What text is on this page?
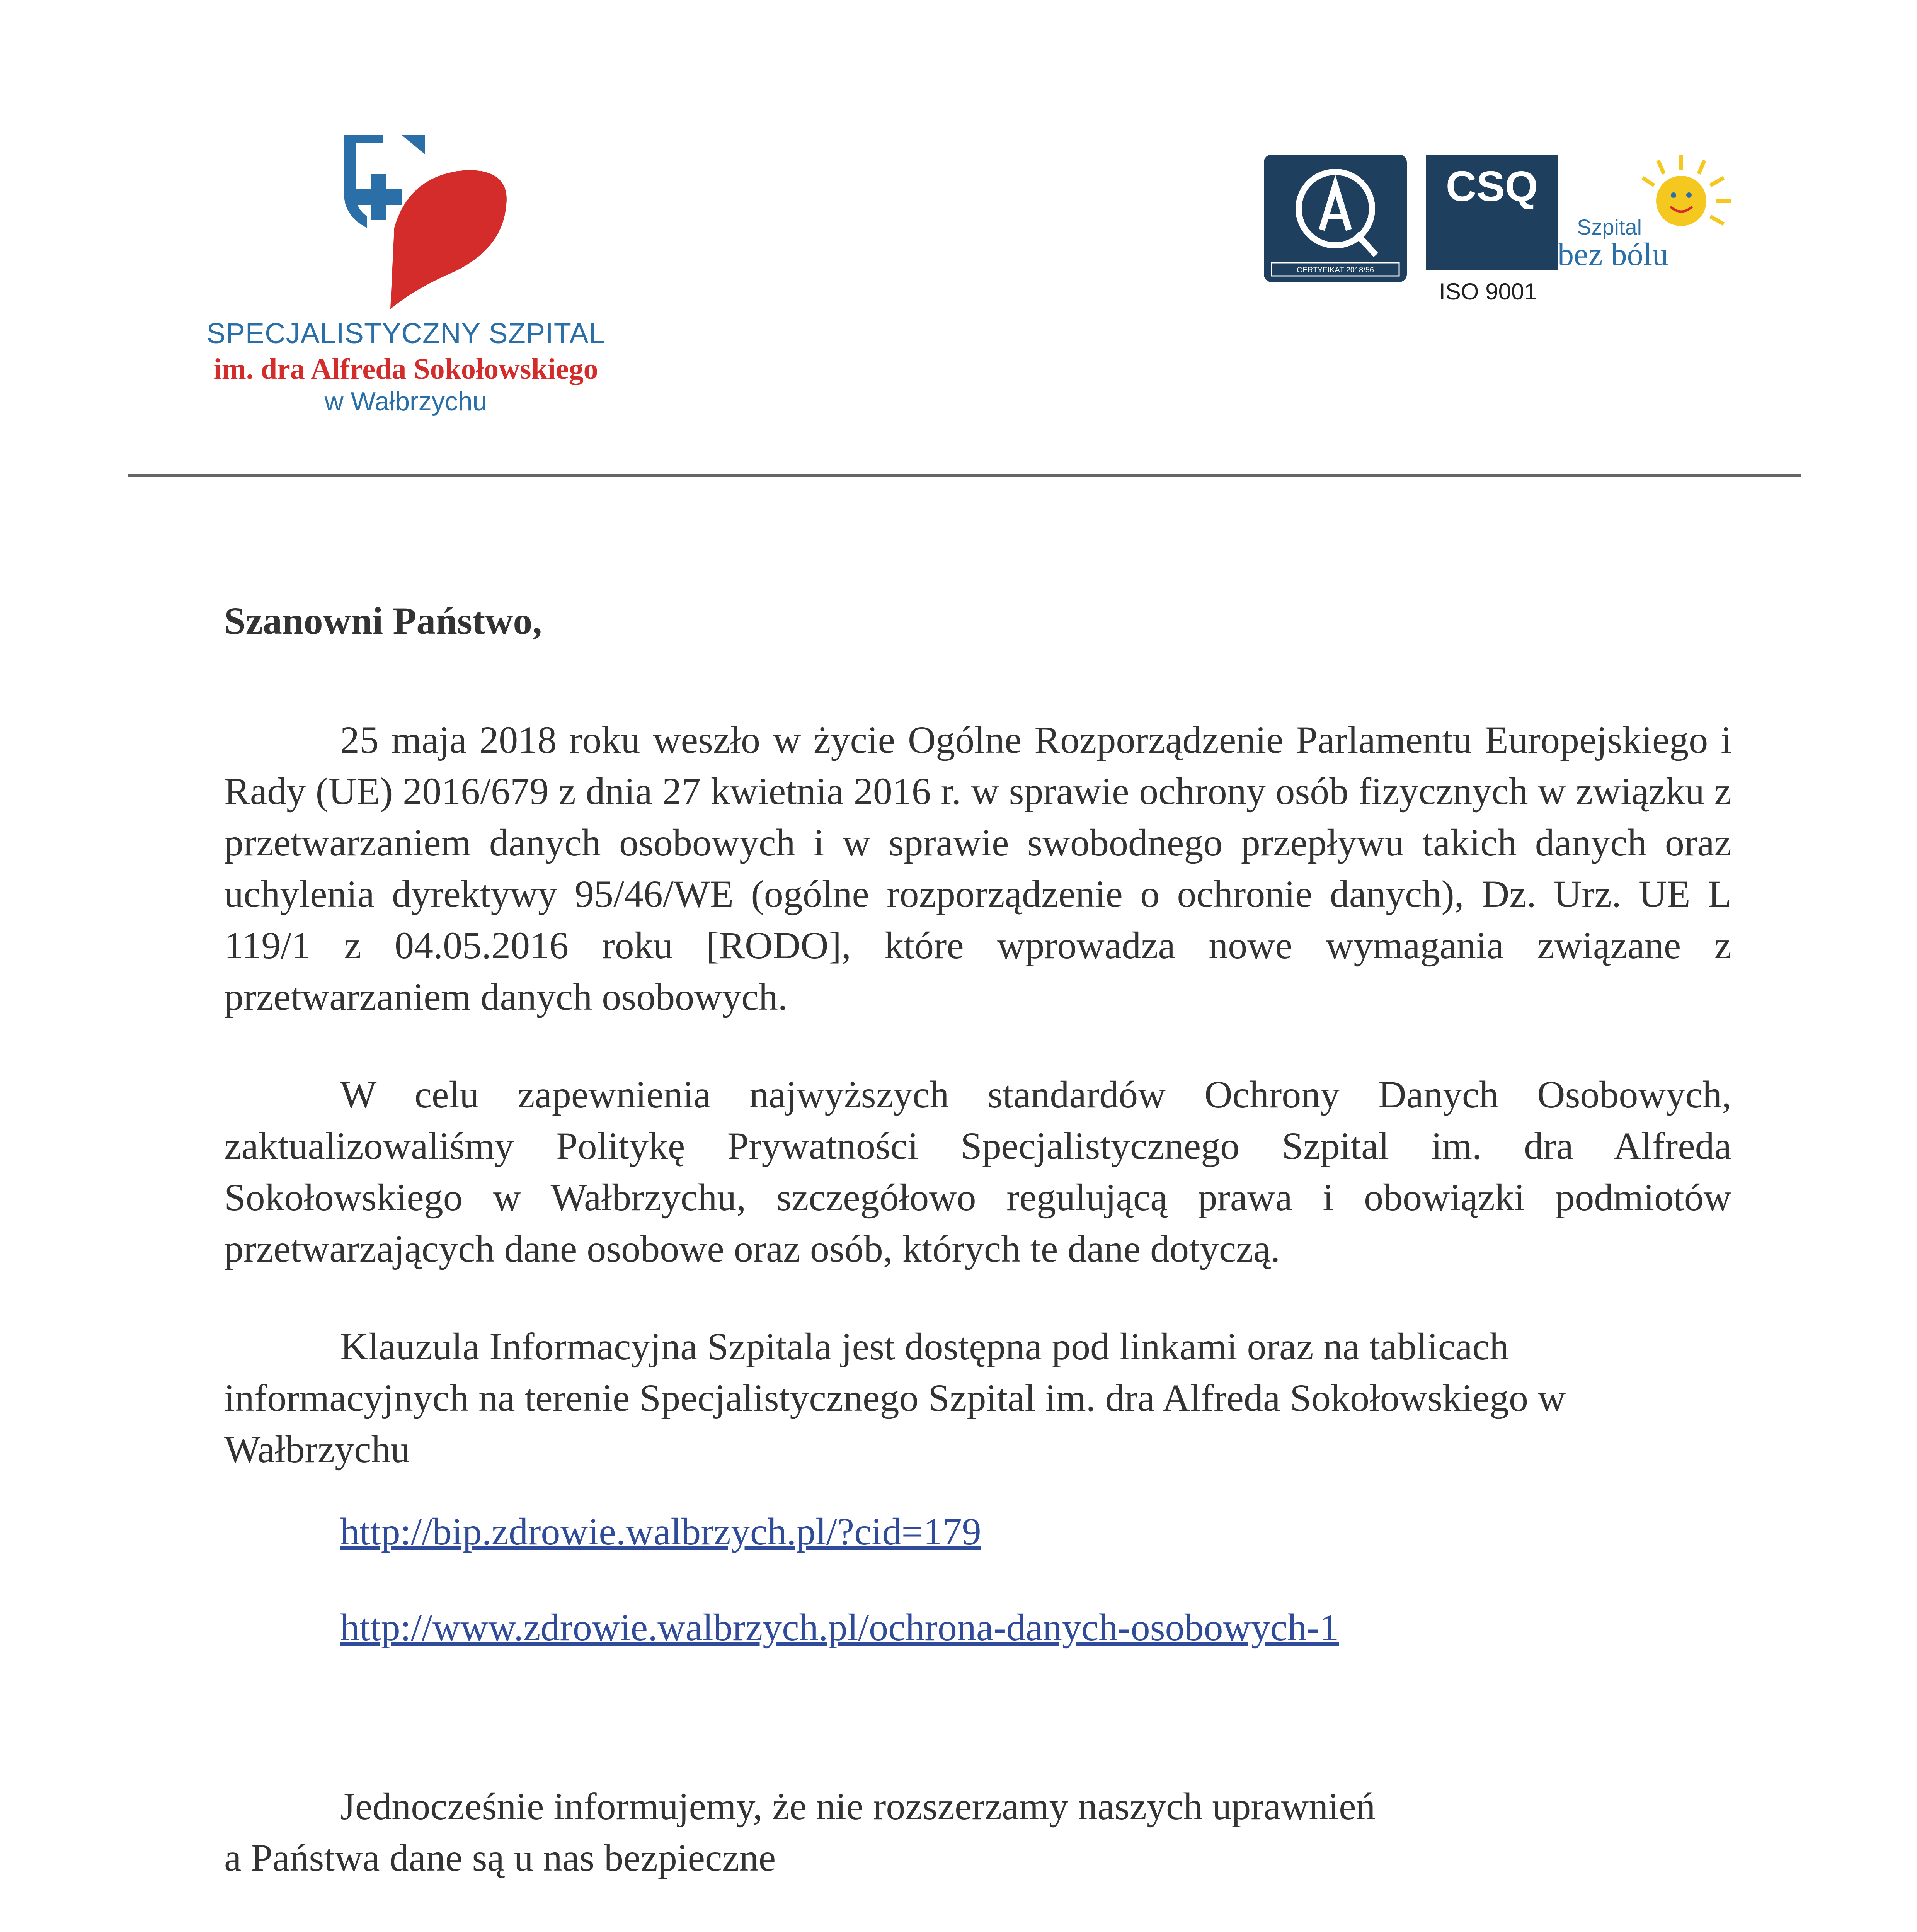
SPECJALISTYCZNY SZPITAL
im. dra Alfreda Sokołowskiego
w Wałbrzychu
CERTYFIKAT 2018/56
CSQ
ISO 9001
Szpital
bez bólu

Szanowni Państwo,

25 maja 2018 roku weszło w życie Ogólne Rozporządzenie Parlamentu Europejskiego i Rady (UE) 2016/679 z dnia 27 kwietnia 2016 r. w sprawie ochrony osób fizycznych w związku z przetwarzaniem danych osobowych i w sprawie swobodnego przepływu takich danych oraz uchylenia dyrektywy 95/46/WE (ogólne rozporządzenie o ochronie danych), Dz. Urz. UE L 119/1 z 04.05.2016 roku [RODO], które wprowadza nowe wymagania związane z przetwarzaniem danych osobowych.

W celu zapewnienia najwyższych standardów Ochrony Danych Osobowych, zaktualizowaliśmy Politykę Prywatności Specjalistycznego Szpital im. dra Alfreda Sokołowskiego w Wałbrzychu, szczegółowo regulującą prawa i obowiązki podmiotów przetwarzających dane osobowe oraz osób, których te dane dotyczą.

Klauzula Informacyjna Szpitala jest dostępna pod linkami oraz na tablicach informacyjnych na terenie Specjalistycznego Szpital im. dra Alfreda Sokołowskiego w Wałbrzychu

http://bip.zdrowie.walbrzych.pl/?cid=179
http://www.zdrowie.walbrzych.pl/ochrona-danych-osobowych-1

Jednocześnie informujemy, że nie rozszerzamy naszych uprawnień
a Państwa dane są u nas bezpieczne
